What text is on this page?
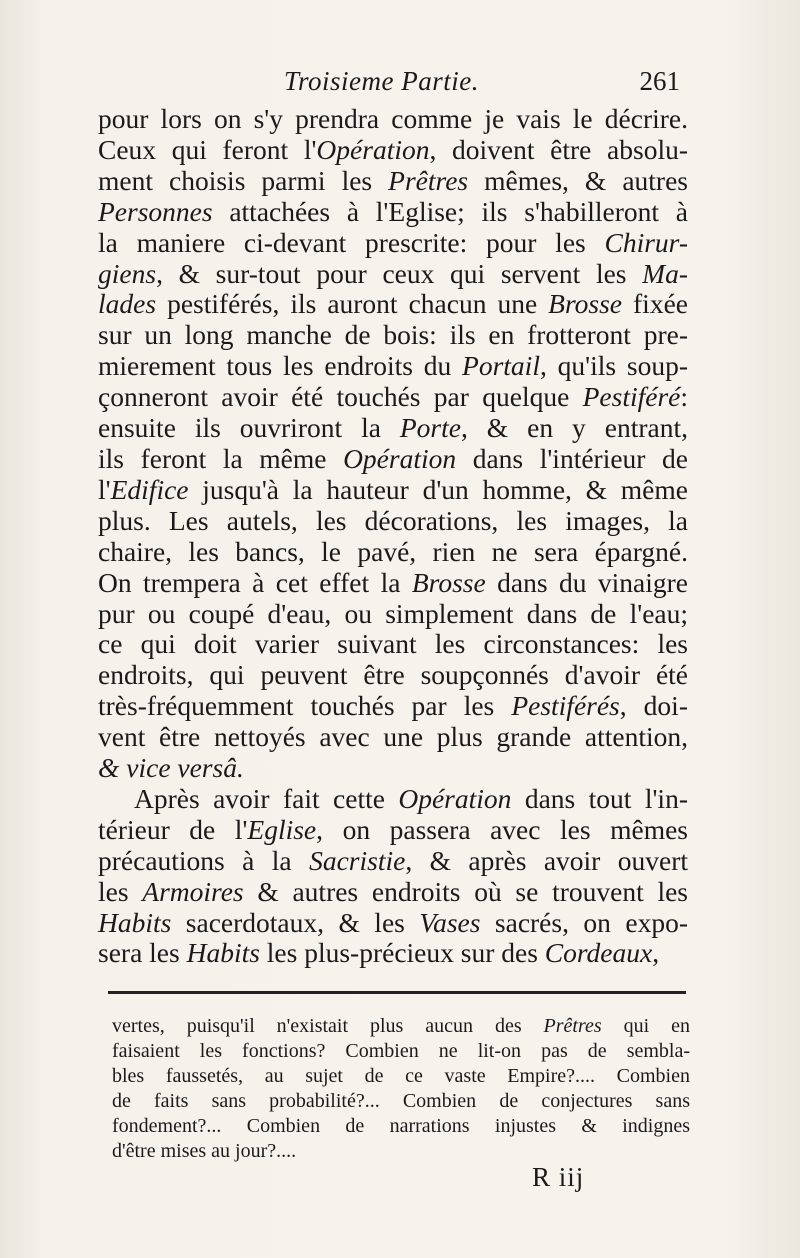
Troisieme Partie.	261
pour lors on s'y prendra comme je vais le décrire.
Ceux qui feront l'Opération, doivent être absolu-
ment choisis parmi les Prêtres mêmes, & autres
Personnes attachées à l'Eglise; ils s'habilleront à
la maniere ci-devant prescrite: pour les Chirur-
giens, & sur-tout pour ceux qui servent les Ma-
lades pestiférés, ils auront chacun une Brosse fixée
sur un long manche de bois: ils en frotteront pre-
mierement tous les endroits du Portail, qu'ils soup-
çonneront avoir été touchés par quelque Pestiféré:
ensuite ils ouvriront la Porte, & en y entrant,
ils feront la même Opération dans l'intérieur de
l'Edifice jusqu'à la hauteur d'un homme, & même
plus. Les autels, les décorations, les images, la
chaire, les bancs, le pavé, rien ne sera épargné.
On trempera à cet effet la Brosse dans du vinaigre
pur ou coupé d'eau, ou simplement dans de l'eau;
ce qui doit varier suivant les circonstances: les
endroits, qui peuvent être soupçonnés d'avoir été
très-fréquemment touchés par les Pestiférés, doi-
vent être nettoyés avec une plus grande attention,
& vice versâ.
Après avoir fait cette Opération dans tout l'in-
térieur de l'Eglise, on passera avec les mêmes
précautions à la Sacristie, & après avoir ouvert
les Armoires & autres endroits où se trouvent les
Habits sacerdotaux, & les Vases sacrés, on expo-
sera les Habits les plus-précieux sur des Cordeaux,
vertes, puisqu'il n'existait plus aucun des Prêtres qui en
faisaient les fonctions? Combien ne lit-on pas de sembla-
bles faussetés, au sujet de ce vaste Empire?.... Combien
de faits sans probabilité?... Combien de conjectures sans
fondement?... Combien de narrations injustes & indignes
d'être mises au jour?....
R iij
